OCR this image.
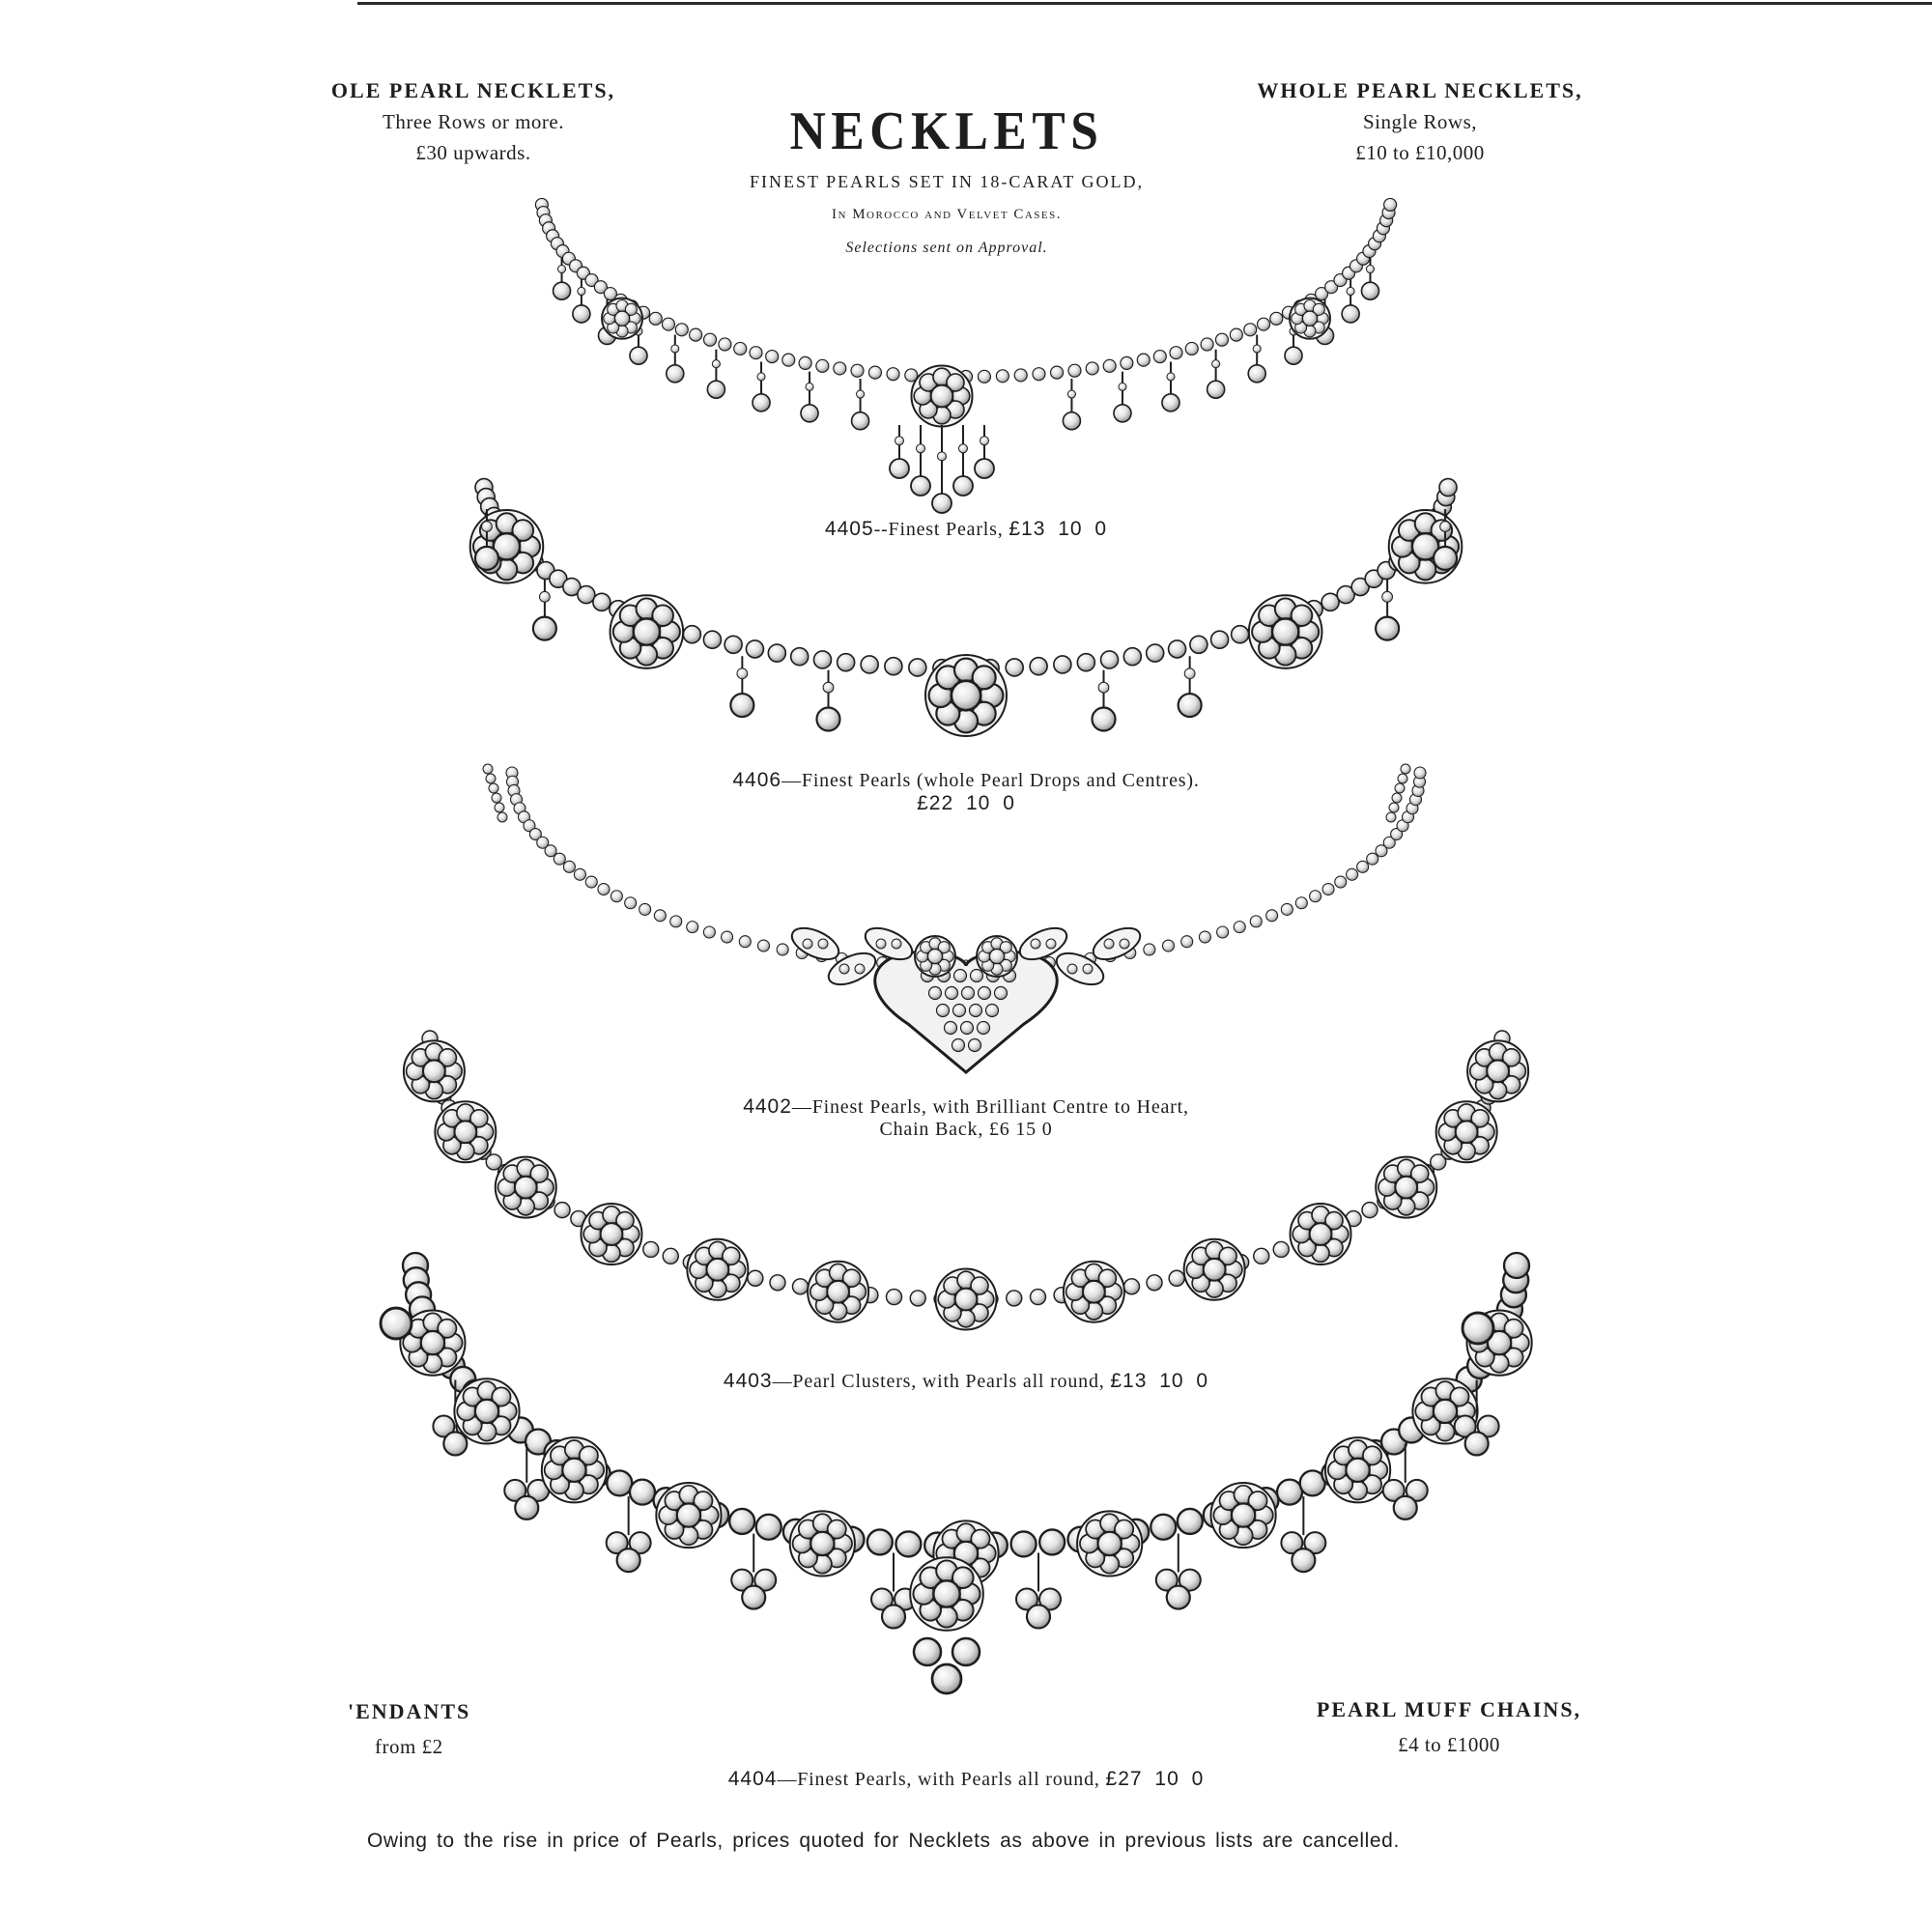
OLE PEARL NECKLETS,
Three Rows or more.
£30 upwards.
WHOLE PEARL NECKLETS,
Single Rows,
£10 to £10,000
'ENDANTS
from £2
PEARL MUFF CHAINS,
£4 to £1000
NECKLETS
FINEST PEARLS SET IN 18-CARAT GOLD,
In Morocco and Velvet Cases.
Selections sent on Approval.
4405--Finest Pearls, £13 10 0
4406—Finest Pearls (whole Pearl Drops and Centres).
£22 10 0
4402—Finest Pearls, with Brilliant Centre to Heart,
Chain Back, £6 15 0
4403—Pearl Clusters, with Pearls all round, £13 10 0
4404—Finest Pearls, with Pearls all round, £27 10 0
Owing to the rise in price of Pearls, prices quoted for Necklets as above in previous lists are cancelled.
